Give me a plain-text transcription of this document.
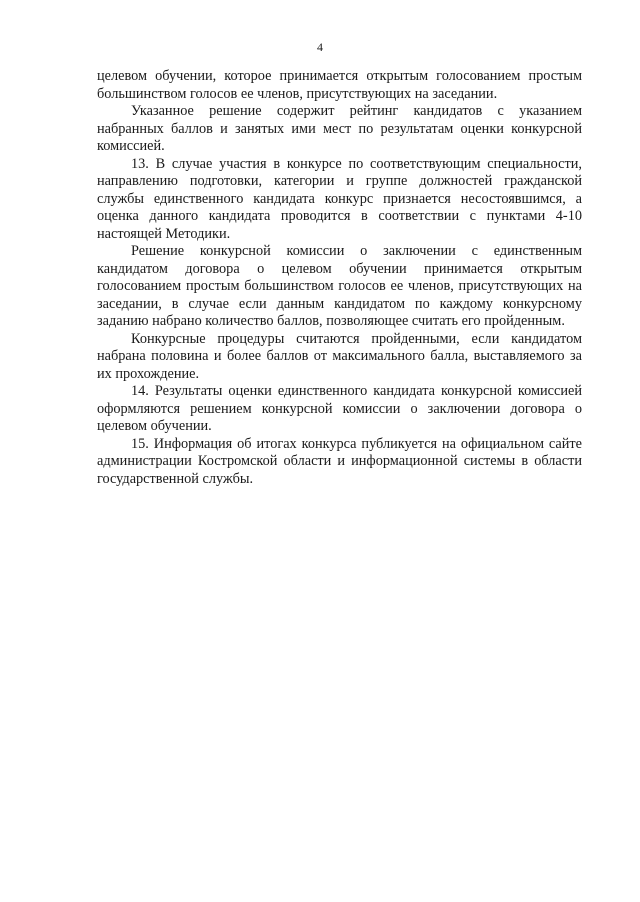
4

целевом обучении, которое принимается открытым голосованием простым большинством голосов ее членов, присутствующих на заседании.

Указанное решение содержит рейтинг кандидатов с указанием набранных баллов и занятых ими мест по результатам оценки конкурсной комиссией.

13. В случае участия в конкурсе по соответствующим специальности, направлению подготовки, категории и группе должностей гражданской службы единственного кандидата конкурс признается несостоявшимся, а оценка данного кандидата проводится в соответствии с пунктами 4-10 настоящей Методики.

Решение конкурсной комиссии о заключении с единственным кандидатом договора о целевом обучении принимается открытым голосованием простым большинством голосов ее членов, присутствующих на заседании, в случае если данным кандидатом по каждому конкурсному заданию набрано количество баллов, позволяющее считать его пройденным.

Конкурсные процедуры считаются пройденными, если кандидатом набрана половина и более баллов от максимального балла, выставляемого за их прохождение.

14. Результаты оценки единственного кандидата конкурсной комиссией оформляются решением конкурсной комиссии о заключении договора о целевом обучении.

15. Информация об итогах конкурса публикуется на официальном сайте администрации Костромской области и информационной системы в области государственной службы.
